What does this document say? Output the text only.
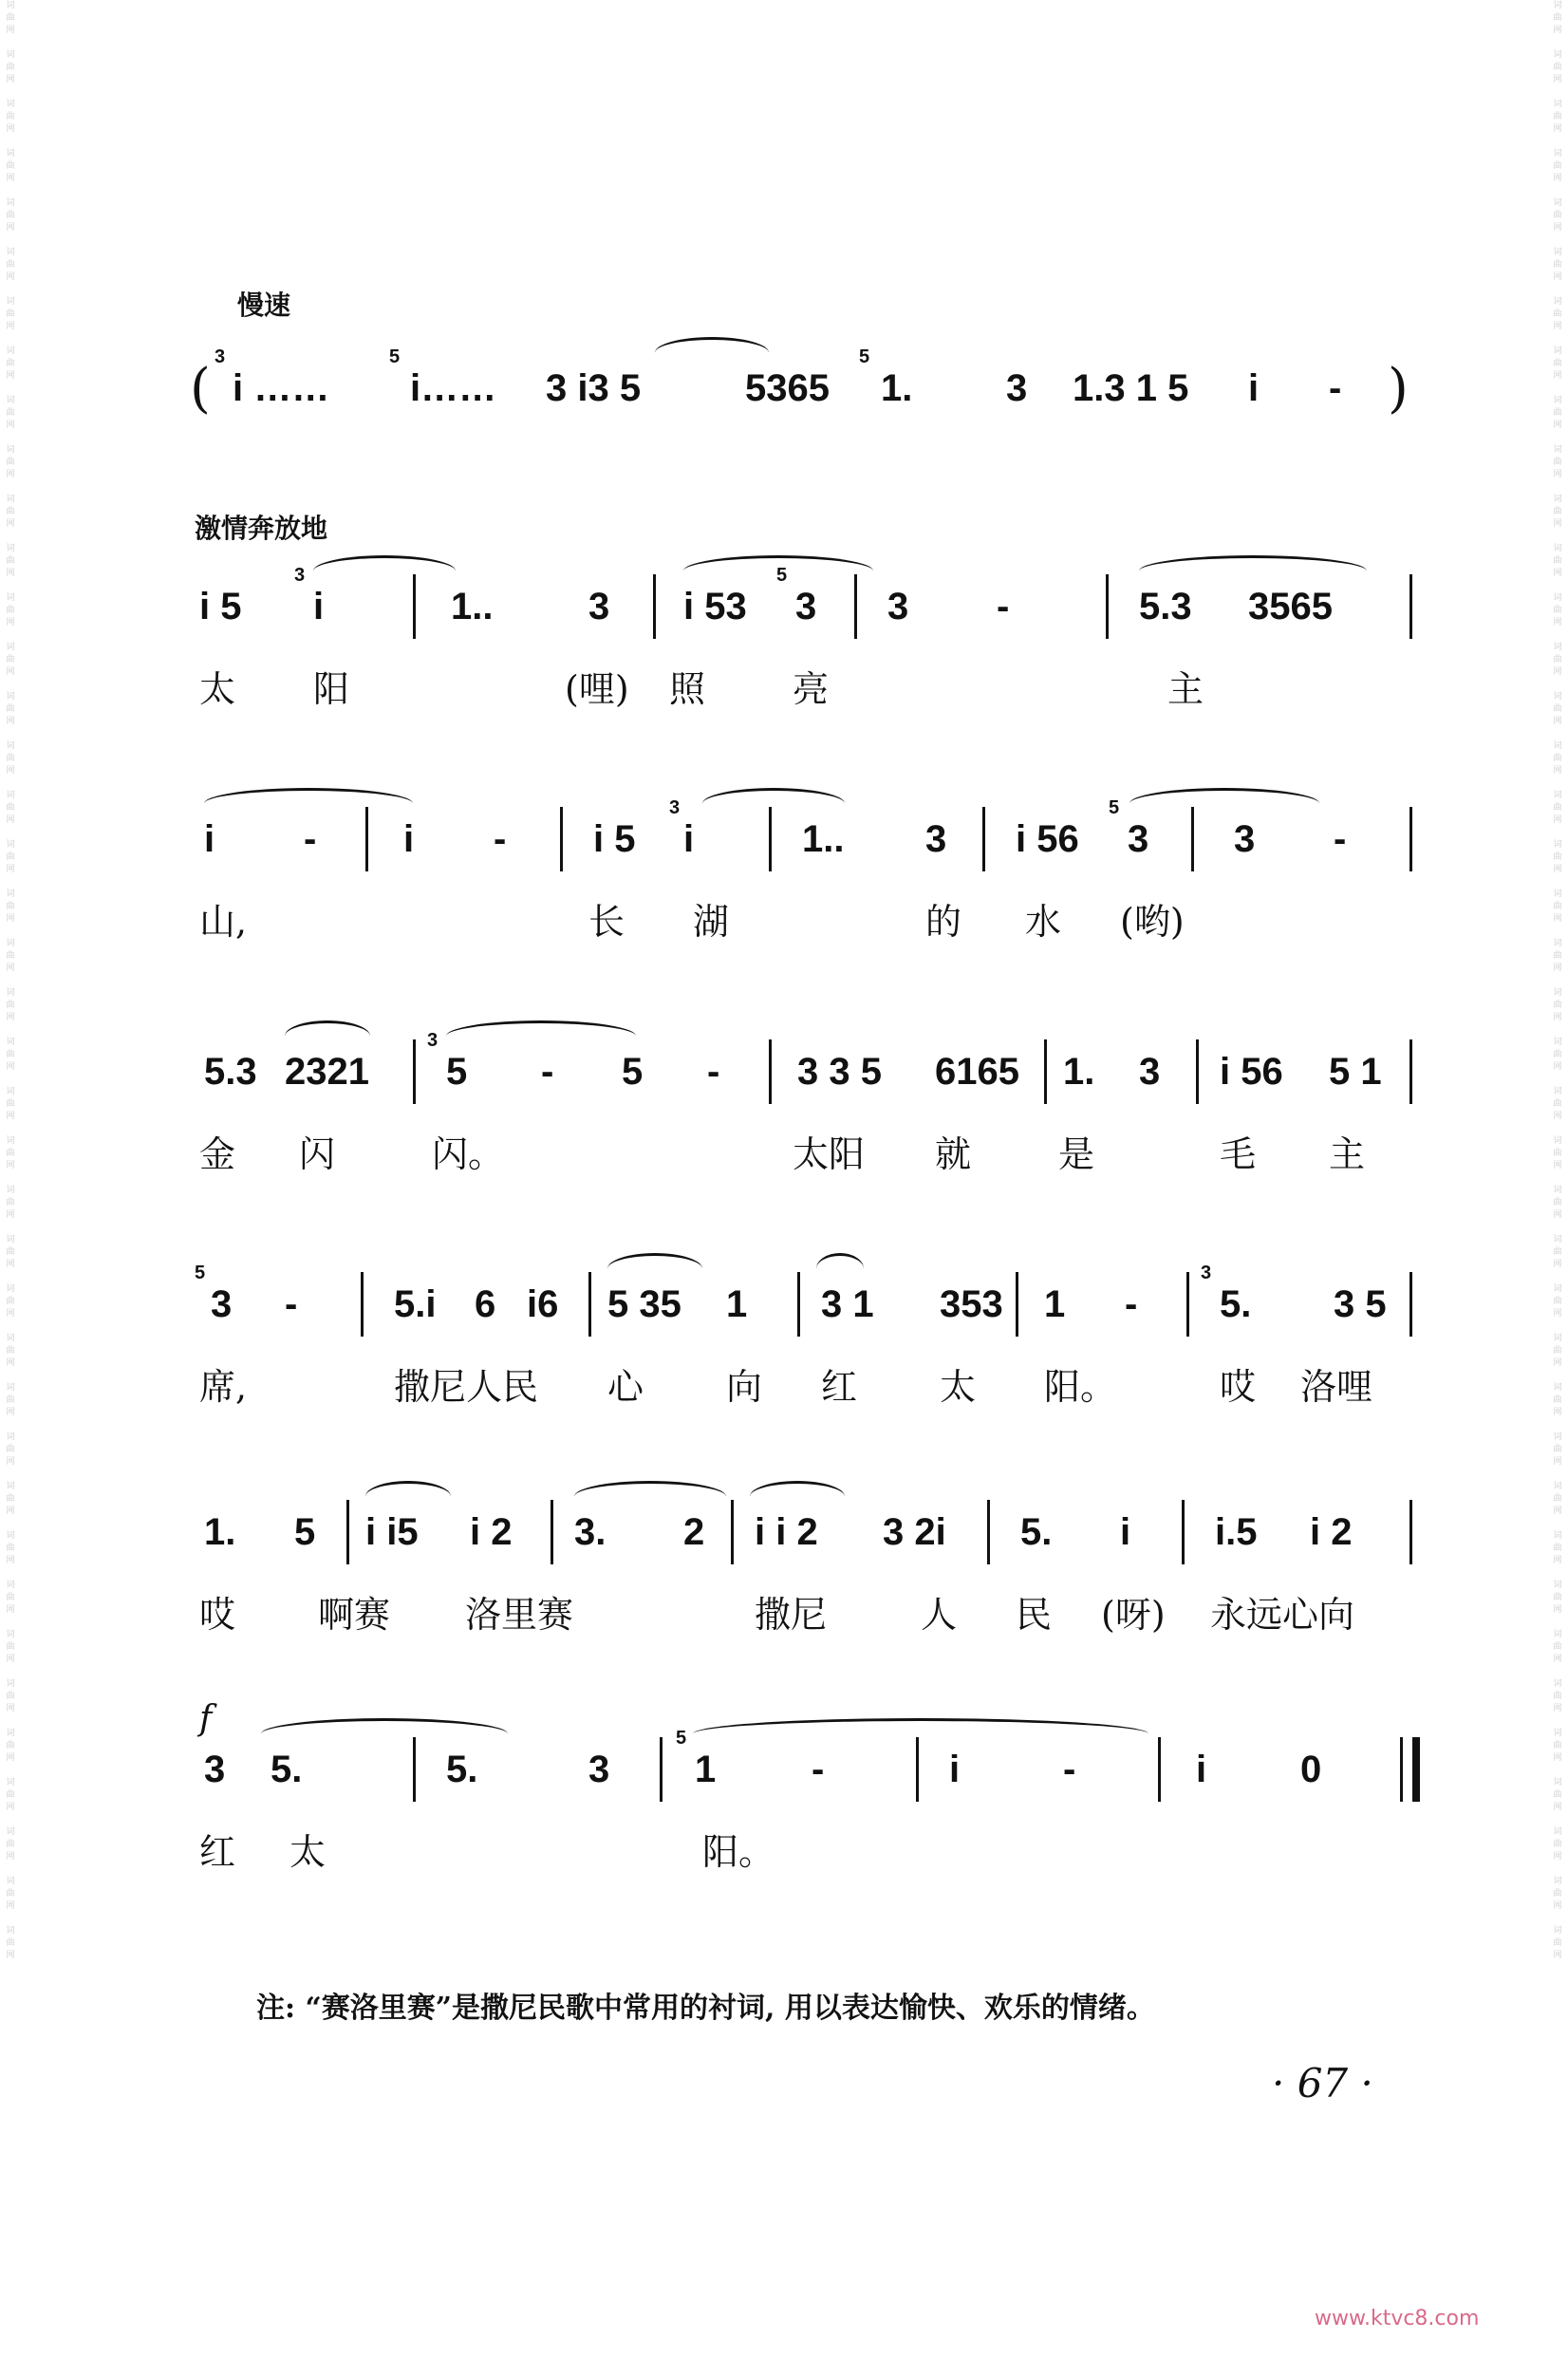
词
曲
网

词
曲
网

词
曲
网

词
曲
网

词
曲
网

词
曲
网

词
曲
网

词
曲
网

词
曲
网

词
曲
网

词
曲
网

词
曲
网

词
曲
网

词
曲
网

词
曲
网

词
曲
网

词
曲
网

词
曲
网

词
曲
网

词
曲
网

词
曲
网

词
曲
网

词
曲
网

词
曲
网

词
曲
网

词
曲
网

词
曲
网

词
曲
网

词
曲
网

词
曲
网

词
曲
网

词
曲
网

词
曲
网

词
曲
网

词
曲
网

词
曲
网

词
曲
网

词
曲
网

词
曲
网

词
曲
网
词
曲
网

词
曲
网

词
曲
网

词
曲
网

词
曲
网

词
曲
网

词
曲
网

词
曲
网

词
曲
网

词
曲
网

词
曲
网

词
曲
网

词
曲
网

词
曲
网

词
曲
网

词
曲
网

词
曲
网

词
曲
网

词
曲
网

词
曲
网

词
曲
网

词
曲
网

词
曲
网

词
曲
网

词
曲
网

词
曲
网

词
曲
网

词
曲
网

词
曲
网

词
曲
网

词
曲
网

词
曲
网

词
曲
网

词
曲
网

词
曲
网

词
曲
网

词
曲
网

词
曲
网

词
曲
网

词
曲
网
慢速
(
3
i ……
5
i…… 3 i3 5	5365
5
1. 3 1.3 1 5 i - )
激情奔放地
i 5
3
i	1..	3 i 53
5
3 3 -	5.3 3565
太 阳	(哩) 照 亮	主
i - i - i 5
3
i	1.. 3 i 56
5
3 3 -
山,	长 湖	的 水 (哟)
5.3 2321
3
5 - 5 - 3 3 5 6165 1. 3 i 56 5 1
金 闪	闪。	太阳 就 是	毛 主
5
3 -	5.i 6 i6 5 35 1 3 1 353 1 -
3
5. 3 5
席,	撒尼人民 心 向 红 太 阳。	哎 洛哩
1. 5 i i5 i 2 3. 2 i i 2 3 2i 5. i i.5 i 2
哎 啊赛 洛里赛	撒尼	人 民 (呀) 永远心向
f
3 5.	5.	3
5
1	-	i	-	i 0
红 太	阳。
注: “赛洛里赛”是撒尼民歌中常用的衬词, 用以表达愉快、欢乐的情绪。
· 67 ·
www.ktvc8.com
